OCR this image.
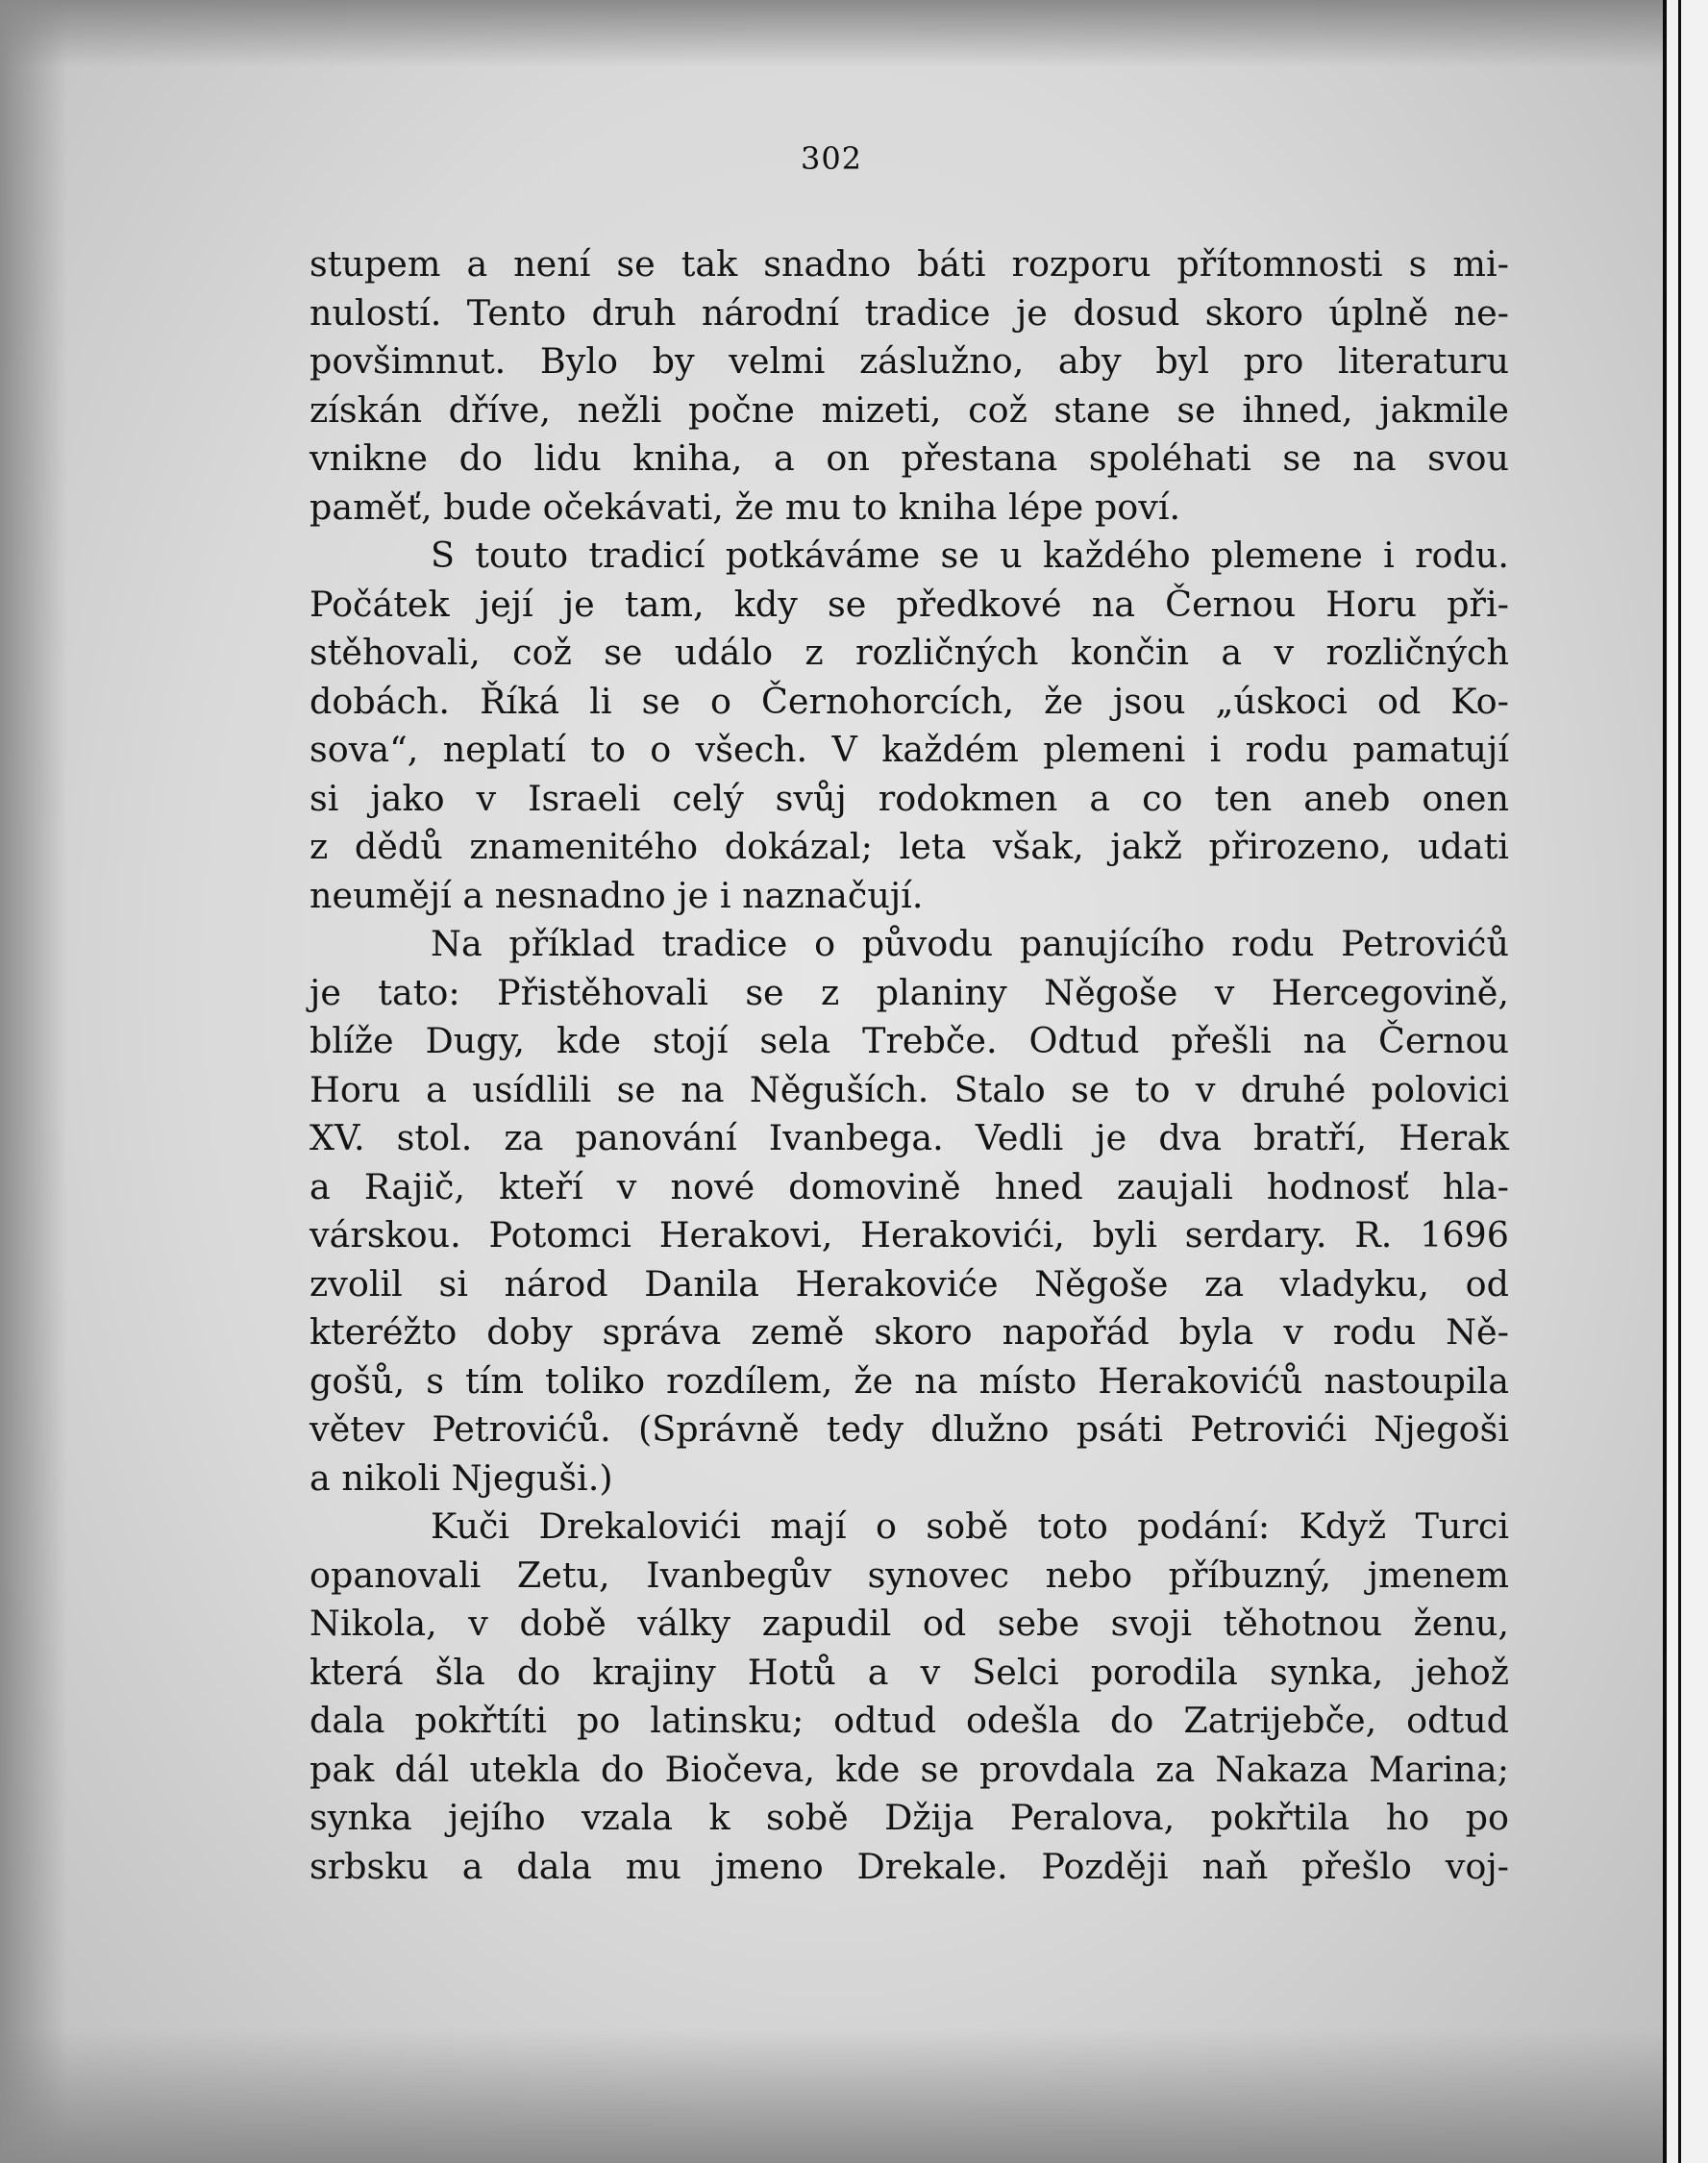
302
stupem a není se tak snadno báti rozporu přítomnosti s mi-
nulostí. Tento druh národní tradice je dosud skoro úplně ne-
povšimnut. Bylo by velmi záslužno, aby byl pro literaturu
získán dříve, nežli počne mizeti, což stane se ihned, jakmile
vnikne do lidu kniha, a on přestana spoléhati se na svou
paměť, bude očekávati, že mu to kniha lépe poví.
S touto tradicí potkáváme se u každého plemene i rodu.
Počátek její je tam, kdy se předkové na Černou Horu při-
stěhovali, což se událo z rozličných končin a v rozličných
dobách. Říká li se o Černohorcích, že jsou „úskoci od Ko-
sova“, neplatí to o všech. V každém plemeni i rodu pamatují
si jako v Israeli celý svůj rodokmen a co ten aneb onen
z dědů znamenitého dokázal; leta však, jakž přirozeno, udati
neumějí a nesnadno je i naznačují.
Na příklad tradice o původu panujícího rodu Petrovićů
je tato: Přistěhovali se z planiny Něgoše v Hercegovině,
blíže Dugy, kde stojí sela Trebče. Odtud přešli na Černou
Horu a usídlili se na Něguších. Stalo se to v druhé polovici
XV. stol. za panování Ivanbega. Vedli je dva bratří, Herak
a Rajič, kteří v nové domovině hned zaujali hodnosť hla-
várskou. Potomci Herakovi, Herakovići, byli serdary. R. 1696
zvolil si národ Danila Herakoviće Něgoše za vladyku, od
kteréžto doby správa země skoro napořád byla v rodu Ně-
gošů, s tím toliko rozdílem, že na místo Herakovićů nastoupila
větev Petrovićů. (Správně tedy dlužno psáti Petrovići Njegoši
a nikoli Njeguši.)
Kuči Drekalovići mají o sobě toto podání: Když Turci
opanovali Zetu, Ivanbegův synovec nebo příbuzný, jmenem
Nikola, v době války zapudil od sebe svoji těhotnou ženu,
která šla do krajiny Hotů a v Selci porodila synka, jehož
dala pokřtíti po latinsku; odtud odešla do Zatrijebče, odtud
pak dál utekla do Biočeva, kde se provdala za Nakaza Marina;
synka jejího vzala k sobě Džija Peralova, pokřtila ho po
srbsku a dala mu jmeno Drekale. Později naň přešlo voj-
